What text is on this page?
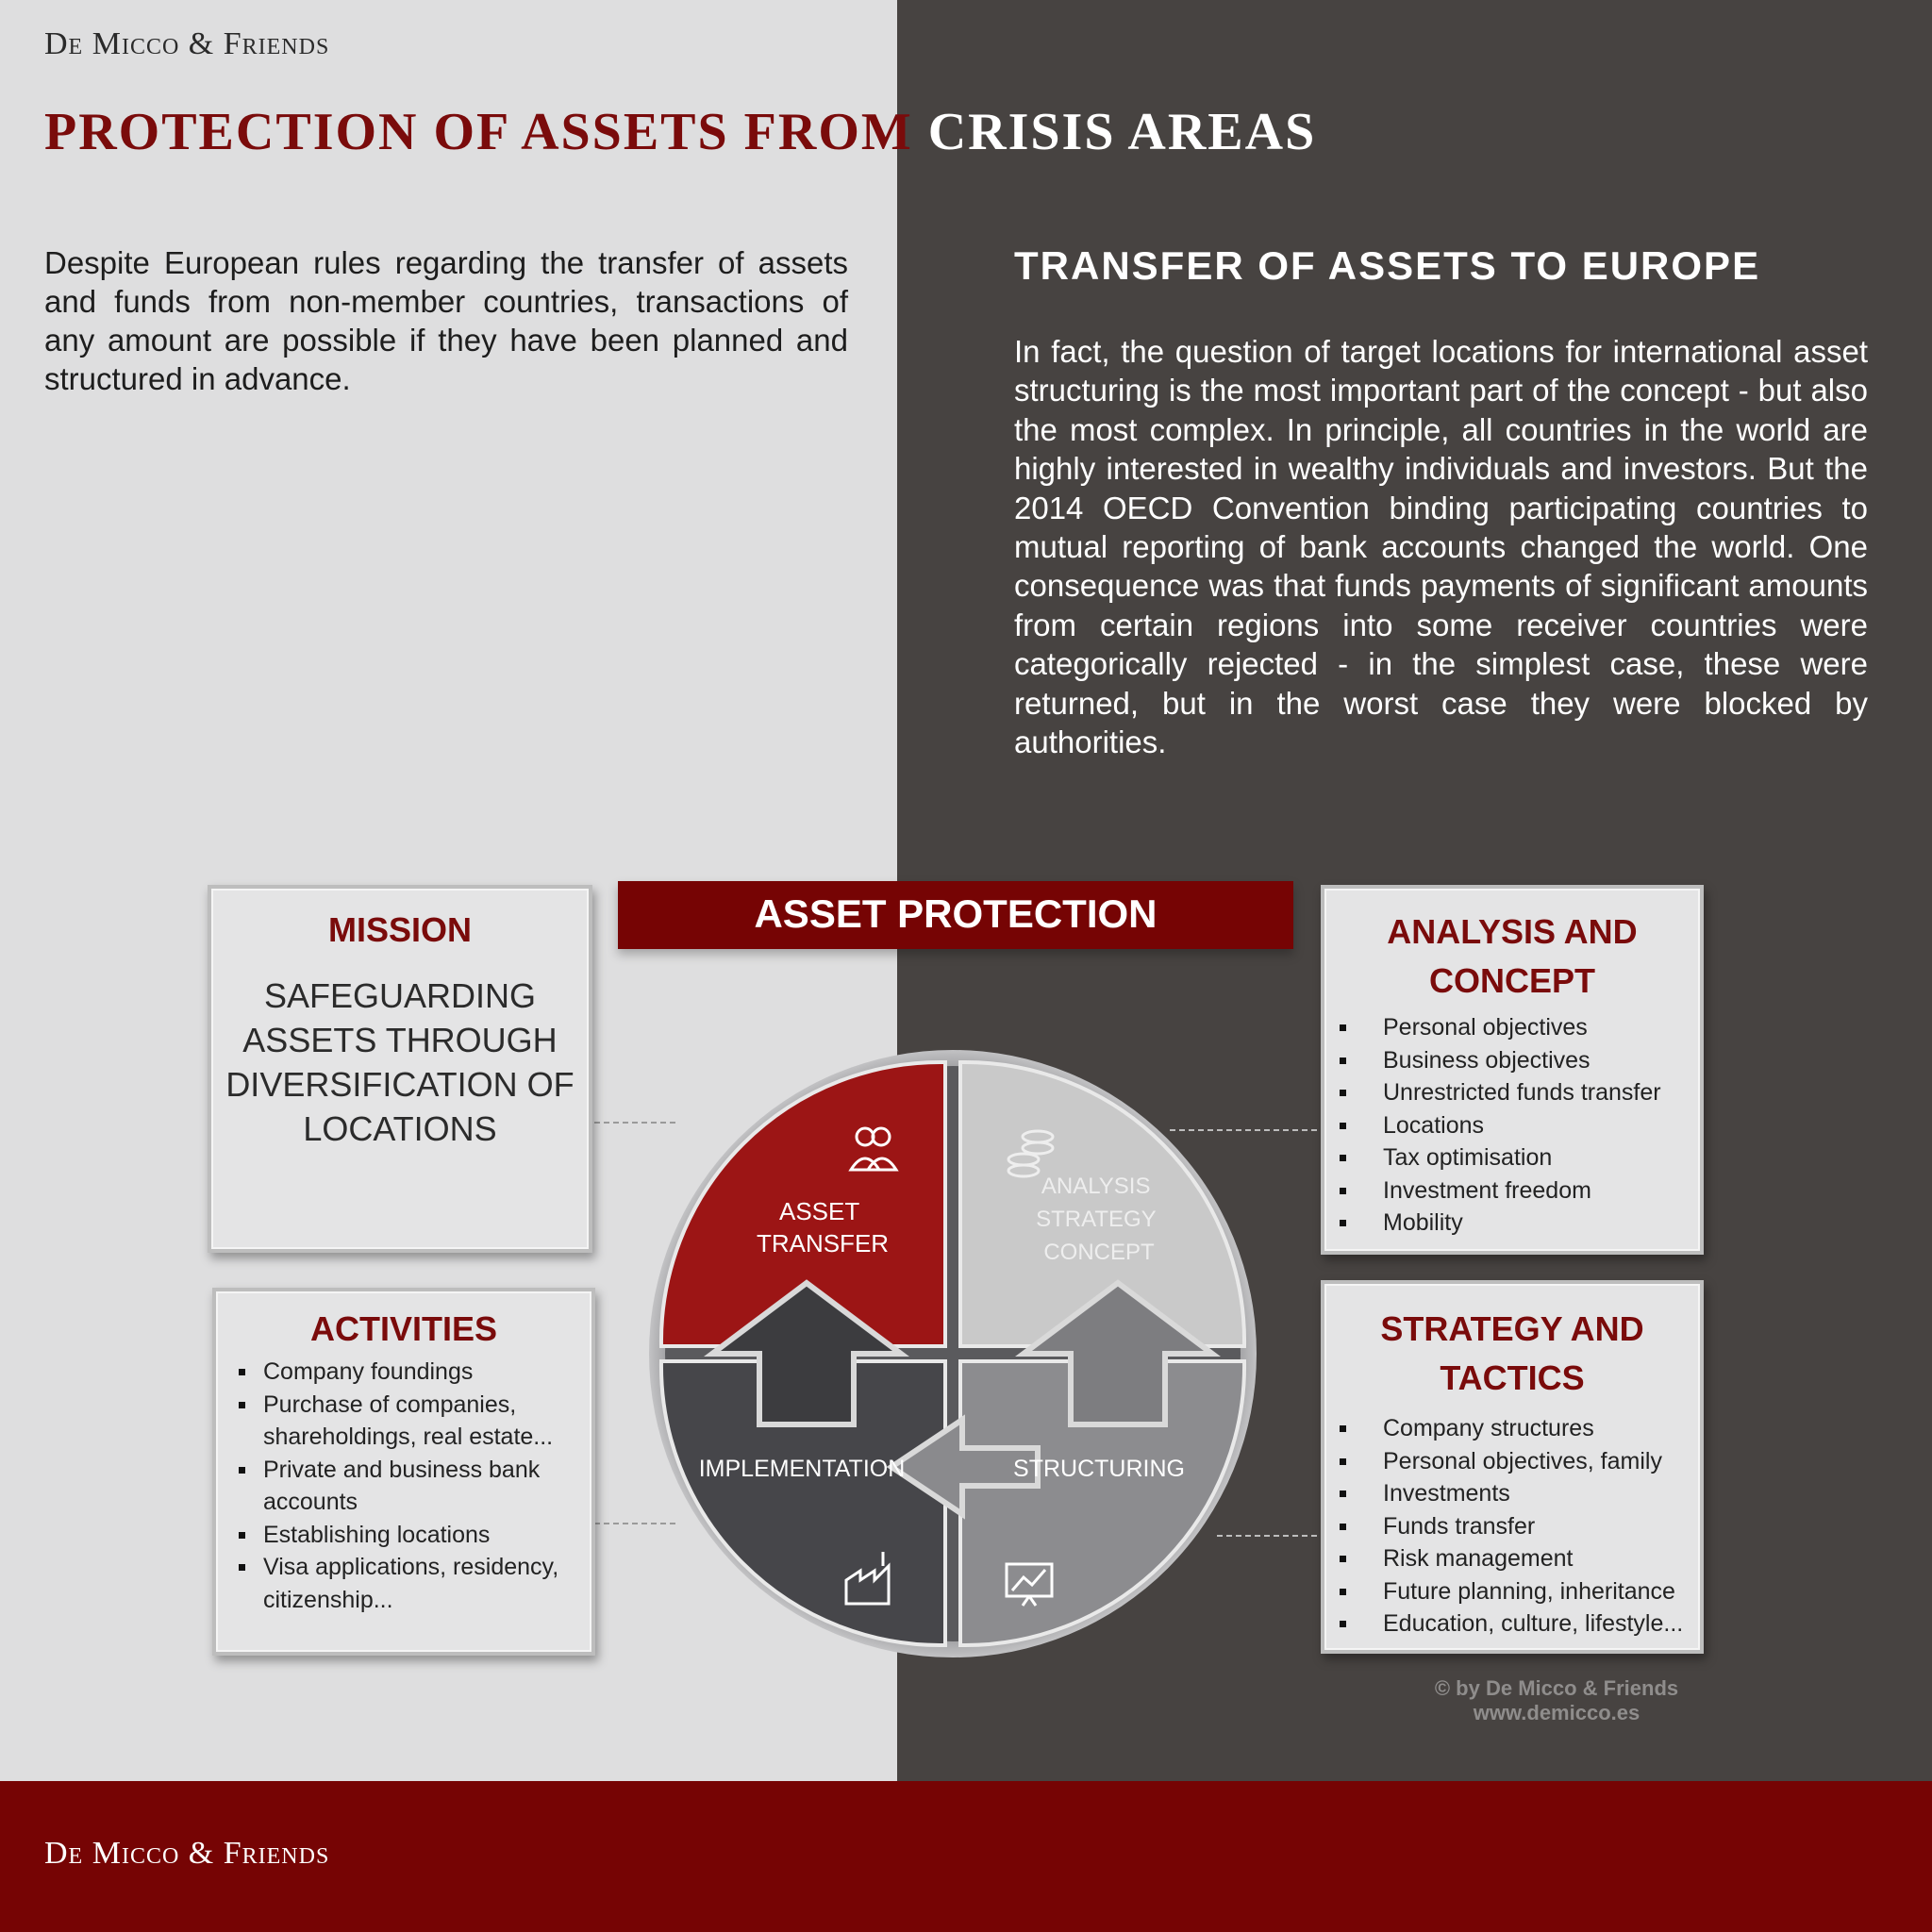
De Micco & Friends
PROTECTION OF ASSETS FROM CRISIS AREAS
Despite European rules regarding the transfer of assets and funds from non-member countries, transactions of any amount are possible if they have been planned and structured in advance.
TRANSFER OF ASSETS TO EUROPE
In fact, the question of target locations for international asset structuring is the most important part of the concept - but also the most complex. In principle, all countries in the world are highly interested in wealthy individuals and investors. But the 2014 OECD Convention binding participating countries to mutual reporting of bank accounts changed the world. One consequence was that funds payments of significant amounts from certain regions into some receiver countries were categorically rejected - in the simplest case, these were returned, but in the worst case they were blocked by authorities.
ASSET PROTECTION
MISSION
SAFEGUARDING ASSETS THROUGH DIVERSIFICATION OF LOCATIONS
ACTIVITIES
Company foundings
Purchase of companies, shareholdings, real estate...
Private and business bank accounts
Establishing locations
Visa applications, residency, citizenship...
ANALYSIS AND CONCEPT
Personal objectives
Business objectives
Unrestricted funds transfer
Locations
Tax optimisation
Investment freedom
Mobility
STRATEGY AND TACTICS
Company structures
Personal objectives, family
Investments
Funds transfer
Risk management
Future planning, inheritance
Education, culture, lifestyle...
ASSET TRANSFER
ANALYSIS STRATEGY CONCEPT
IMPLEMENTATION	STRUCTURING
© by De Micco & Friends
www.demicco.es
De Micco & Friends
